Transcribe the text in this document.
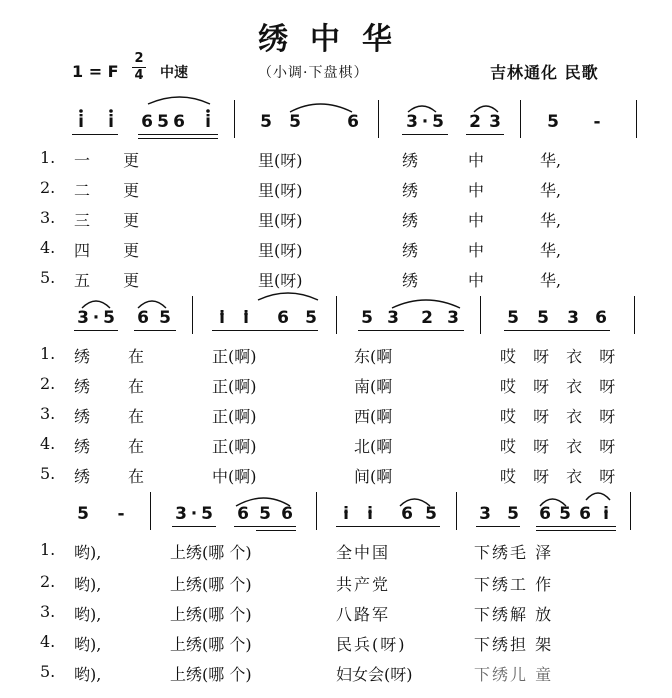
绣中华
1 = F
2
4 中速	（小调·下盘棋）	吉林通化 民歌
i i 6 5 6 i	5 5	6	3 · 5 2 3	5 -
1. 一 更	里(呀)	绣	中	华,
2. 二 更	里(呀)	绣	中	华,
3. 三 更	里(呀)	绣	中	华,
4. 四 更	里(呀)	绣	中	华,
5. 五 更	里(呀)	绣	中	华,
3 · 5 6 5	i i 6 5	5 3 2 3	5 5 3 6
1. 绣 在	正(啊)	东(啊	哎 呀 衣 呀
2. 绣 在	正(啊)	南(啊	哎 呀 衣 呀
3. 绣 在	正(啊)	西(啊	哎 呀 衣 呀
4. 绣 在	正(啊)	北(啊	哎 呀 衣 呀
5. 绣 在	中(啊)	间(啊	哎 呀 衣 呀
5 -	3 · 5 6 5 6	i i 6 5 3 5 6 5 6 i
1. 哟),	上绣(哪 个)	全中国	下绣毛 泽
2. 哟),	上绣(哪 个)	共产党	下绣工 作
3. 哟),	上绣(哪 个)	八路军	下绣解 放
4. 哟),	上绣(哪 个)	民兵(呀)	下绣担 架
5. 哟),	上绣(哪 个)	妇女会(呀)	下绣儿 童
